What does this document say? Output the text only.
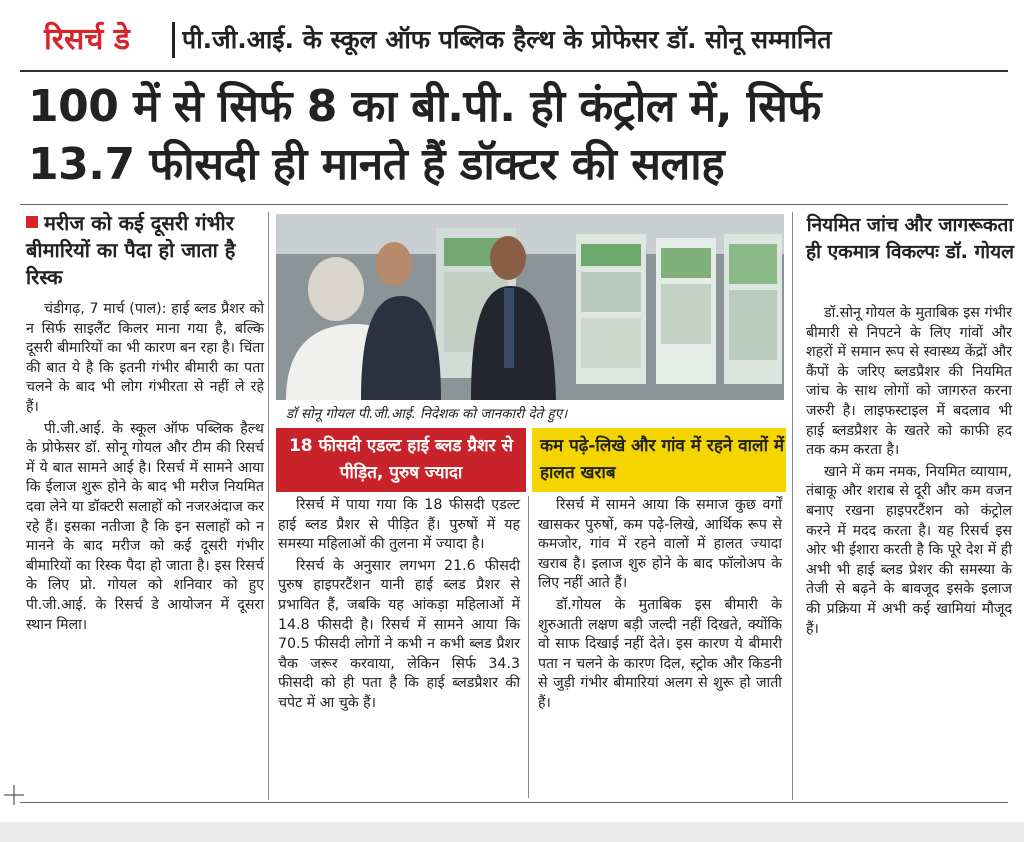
रिसर्च डे	पी.जी.आई. के स्कूल ऑफ पब्लिक हैल्थ के प्रोफेसर डॉ. सोनू सम्मानित
100 में से सिर्फ 8 का बी.पी. ही कंट्रोल में, सिर्फ
13.7 फीसदी ही मानते हैं डॉक्टर की सलाह
मरीज को कई दूसरी गंभीर बीमारियों का पैदा हो जाता है रिस्क

चंडीगढ़, 7 मार्च (पाल): हाई ब्लड प्रैशर को न सिर्फ साइलैंट किलर माना गया है, बल्कि दूसरी बीमारियों का भी कारण बन रहा है। चिंता की बात ये है कि इतनी गंभीर बीमारी का पता चलने के बाद भी लोग गंभीरता से नहीं ले रहे हैं।

पी.जी.आई. के स्कूल ऑफ पब्लिक हैल्थ के प्रोफेसर डॉ. सोनू गोयल और टीम की रिसर्च में ये बात सामने आई है। रिसर्च में सामने आया कि ईलाज शुरू होने के बाद भी मरीज नियमित दवा लेने या डॉक्टरी सलाहों को नजरअंदाज कर रहे हैं। इसका नतीजा है कि इन सलाहों को न मानने के बाद मरीज को कई दूसरी गंभीर बीमारियों का रिस्क पैदा हो जाता है। इस रिसर्च के लिए प्रो. गोयल को शनिवार को हुए पी.जी.आई. के रिसर्च डे आयोजन में दूसरा स्थान मिला।

डॉ सोनू गोयल पी.जी.आई. निदेशक को जानकारी देते हुए।
18 फीसदी एडल्ट हाई ब्लड प्रैशर से पीड़ित, पुरुष ज्यादा
कम पढ़े-लिखे और गांव में रहने वालों में हालत खराब

रिसर्च में पाया गया कि 18 फीसदी एडल्ट हाई ब्लड प्रैशर से पीड़ित हैं। पुरुषों में यह समस्या महिलाओं की तुलना में ज्यादा है।

रिसर्च के अनुसार लगभग 21.6 फीसदी पुरुष हाइपरटैंशन यानी हाई ब्लड प्रैशर से प्रभावित हैं, जबकि यह आंकड़ा महिलाओं में 14.8 फीसदी है। रिसर्च में सामने आया कि 70.5 फीसदी लोगों ने कभी न कभी ब्लड प्रैशर चैक जरूर करवाया, लेकिन सिर्फ 34.3 फीसदी को ही पता है कि हाई ब्लडप्रैशर की चपेट में आ चुके हैं।

रिसर्च में सामने आया कि समाज कुछ वर्गों खासकर पुरुषों, कम पढ़े-लिखे, आर्थिक रूप से कमजोर, गांव में रहने वालों में हालत ज्यादा खराब है। इलाज शुरु होने के बाद फॉलोअप के लिए नहीं आते हैं।

डॉ.गोयल के मुताबिक इस बीमारी के शुरुआती लक्षण बड़ी जल्दी नहीं दिखते, क्योंकि वो साफ दिखाई नहीं देते। इस कारण ये बीमारी पता न चलने के कारण दिल, स्ट्रोक और किडनी से जुड़ी गंभीर बीमारियां अलग से शुरू हो जाती हैं।

नियमित जांच और जागरूकता ही एकमात्र विकल्पः डॉ. गोयल

डॉ.सोनू गोयल के मुताबिक इस गंभीर बीमारी से निपटने के लिए गांवों और शहरों में समान रूप से स्वास्थ्य केंद्रों और कैंपों के जरिए ब्लडप्रैशर की नियमित जांच के साथ लोगों को जागरुत करना जरुरी है। लाइफस्टाइल में बदलाव भी हाई ब्लडप्रैशर के खतरे को काफी हद तक कम करता है।

खाने में कम नमक, नियमित व्यायाम, तंबाकू और शराब से दूरी और कम वजन बनाए रखना हाइपरटैंशन को कंट्रोल करने में मदद करता है। यह रिसर्च इस ओर भी ईशारा करती है कि पूरे देश में ही अभी भी हाई ब्लड प्रेशर की समस्या के तेजी से बढ़ने के बावजूद इसके इलाज की प्रक्रिया में अभी कई खामियां मौजूद हैं।
